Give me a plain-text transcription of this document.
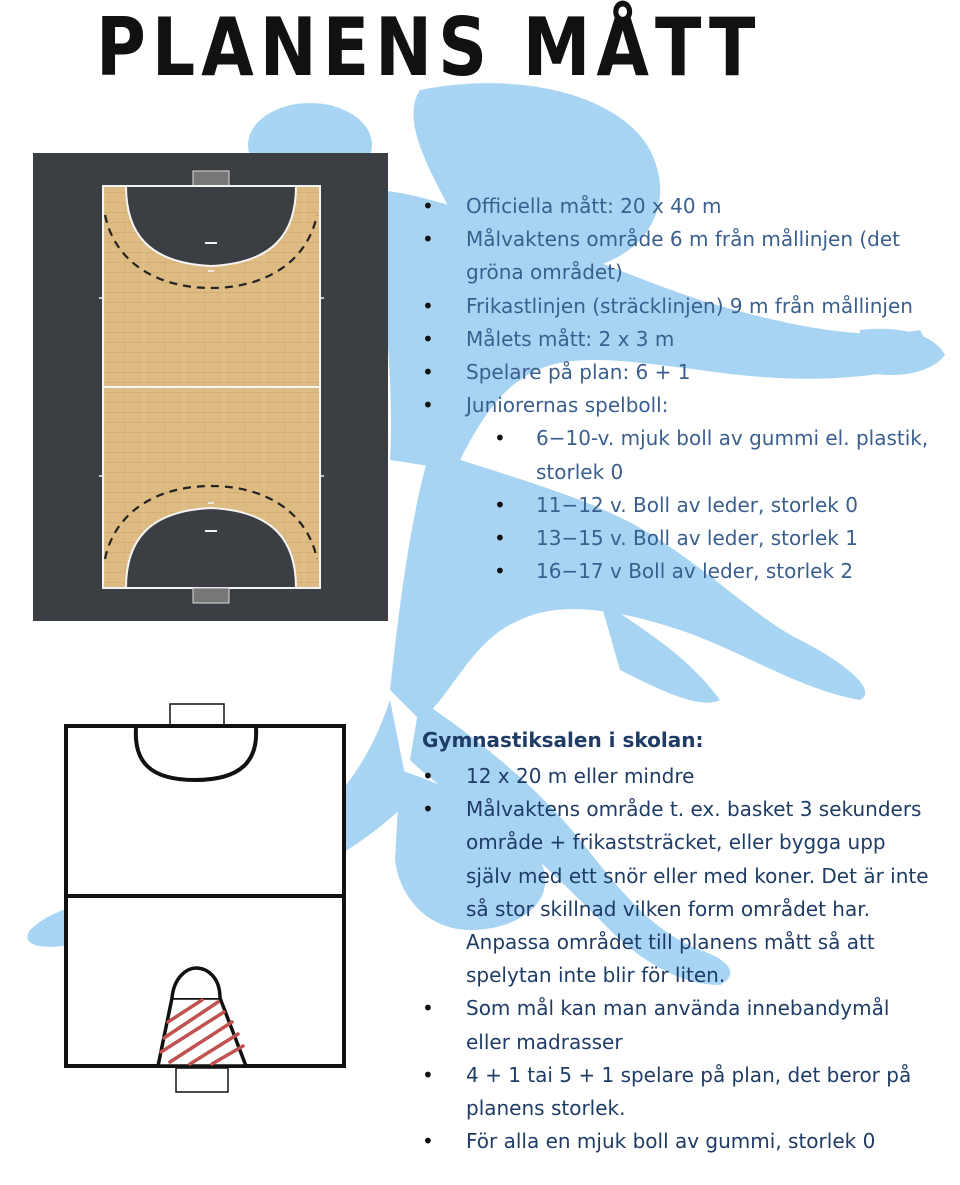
PLANENS MÅTT
• Officiella mått: 20 x 40 m
• Målvaktens område 6 m från mållinjen (det gröna området)
• Frikastlinjen (sträcklinjen) 9 m från mållinjen
• Målets mått: 2 x 3 m
• Spelare på plan: 6 + 1
• Juniorernas spelboll:
• 6−10-v. mjuk boll av gummi el. plastik, storlek 0
• 11−12 v. Boll av leder, storlek 0
• 13−15 v. Boll av leder, storlek 1
• 16−17 v Boll av leder, storlek 2
Gymnastiksalen i skolan:
• 12 x 20 m eller mindre
• Målvaktens område t. ex. basket 3 sekunders område + frikaststräcket, eller bygga upp själv med ett snör eller med koner. Det är inte så stor skillnad vilken form området har. Anpassa området till planens mått så att spelytan inte blir för liten.
• Som mål kan man använda innebandymål eller madrasser
• 4 + 1 tai 5 + 1 spelare på plan, det beror på planens storlek.
• För alla en mjuk boll av gummi, storlek 0
